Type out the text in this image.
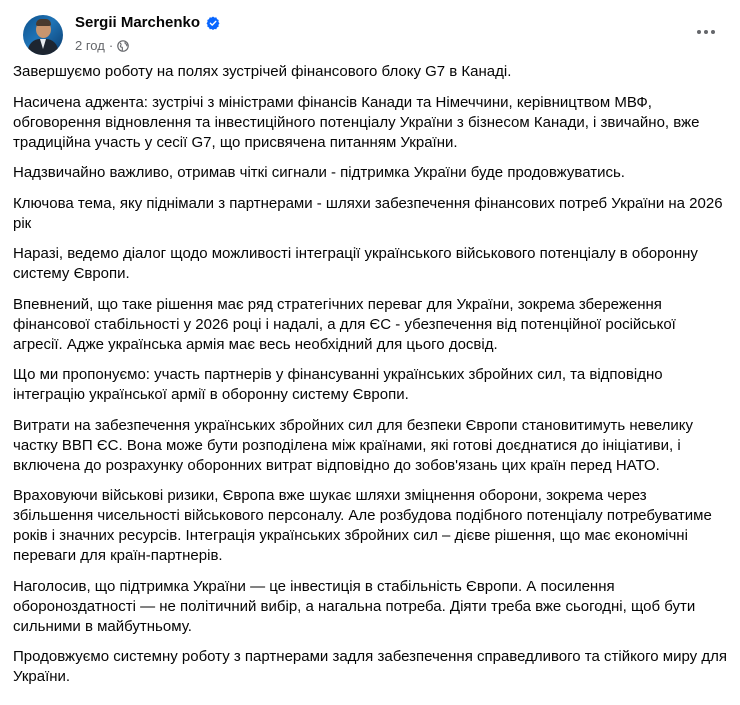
Sergii Marchenko
2 год ·

Завершуємо роботу на полях зустрічей фінансового блоку G7 в Канаді.

Насичена аджента: зустрічі з міністрами фінансів Канади та Німеччини, керівництвом МВФ, обговорення відновлення та інвестиційного потенціалу України з бізнесом Канади, і звичайно, вже традиційна участь у сесії G7, що присвячена питанням України.

Надзвичайно важливо, отримав чіткі сигнали - підтримка України буде продовжуватись.

Ключова тема, яку піднімали з партнерами - шляхи забезпечення фінансових потреб України на 2026 рік

Наразі, ведемо діалог щодо можливості інтеграції українського військового потенціалу в оборонну систему Європи.

Впевнений, що таке рішення має ряд стратегічних переваг для України, зокрема збереження фінансової стабільності у 2026 році і надалі, а для ЄС - убезпечення від потенційної російської агресії. Адже українська армія має весь необхідний для цього досвід.

Що ми пропонуємо: участь партнерів у фінансуванні українських збройних сил, та відповідно інтеграцію української армії в оборонну систему Європи.

Витрати на забезпечення українських збройних сил для безпеки Європи становитимуть невелику частку ВВП ЄС. Вона може бути розподілена між країнами, які готові доєднатися до ініціативи, і включена до розрахунку оборонних витрат відповідно до зобов'язань цих країн перед НАТО.

Враховуючи військові ризики, Європа вже шукає шляхи зміцнення оборони, зокрема через збільшення чисельності військового персоналу. Але розбудова подібного потенціалу потребуватиме років і значних ресурсів. Інтеграція українських збройних сил – дієве рішення, що має економічні переваги для країн-партнерів.

Наголосив, що підтримка України — це інвестиція в стабільність Європи. А посилення обороноздатності — не політичний вибір, а нагальна потреба. Діяти треба вже сьогодні, щоб бути сильними в майбутньому.

Продовжуємо системну роботу з партнерами задля забезпечення справедливого та стійкого миру для України.
